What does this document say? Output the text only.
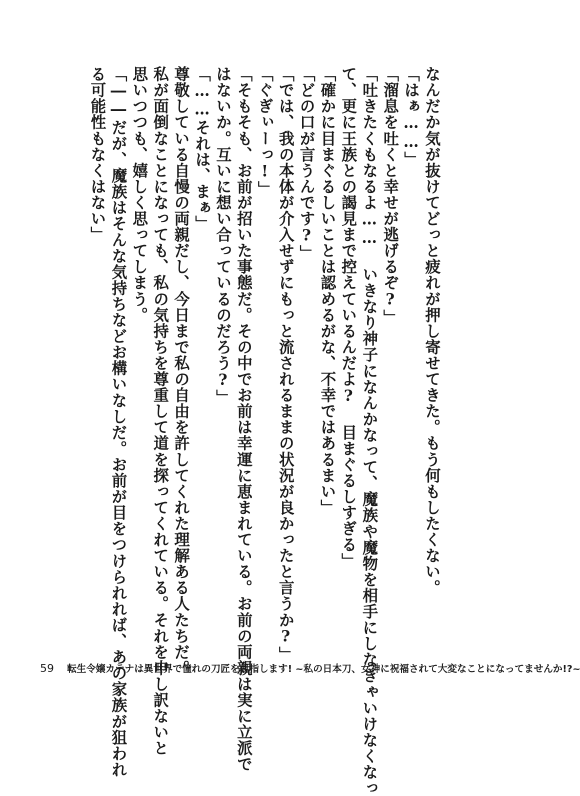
なんだか気が抜けてどっと疲れが押し寄せてきた。もう何もしたくない。
「はぁ……」
「溜息を吐くと幸せが逃げるぞ?」
「吐きたくもなるよ…… いきなり神子になんかなって、魔族や魔物を相手にしなきゃいけなくなっ
て、更に王族との謁見まで控えているんだよ? 目まぐるしすぎる」
「確かに目まぐるしいことは認めるがな、不幸ではあるまい」
「どの口が言うんです?」
「では、我の本体が介入せずにもっと流されるままの状況が良かったと言うか?」
「ぐぎぃーっ!」
「そもそも、お前が招いた事態だ。その中でお前は幸運に恵まれている。お前の両親は実に立派で
はないか。互いに想い合っているのだろう?」
「……それは、まぁ」
尊敬している自慢の両親だし、今日まで私の自由を許してくれた理解ある人たちだ。
私が面倒なことになっても、私の気持ちを尊重して道を探ってくれている。それを申し訳ないと
思いつつも、嬉しく思ってしまう。
「――だが、魔族はそんな気持ちなどお構いなしだ。お前が目をつけられれば、あの家族が狙われ
る可能性もなくはない」
59 転生令嬢カテナは異世界で憧れの刀匠を目指します! ~私の日本刀、女神に祝福されて大変なことになってませんか!?~
